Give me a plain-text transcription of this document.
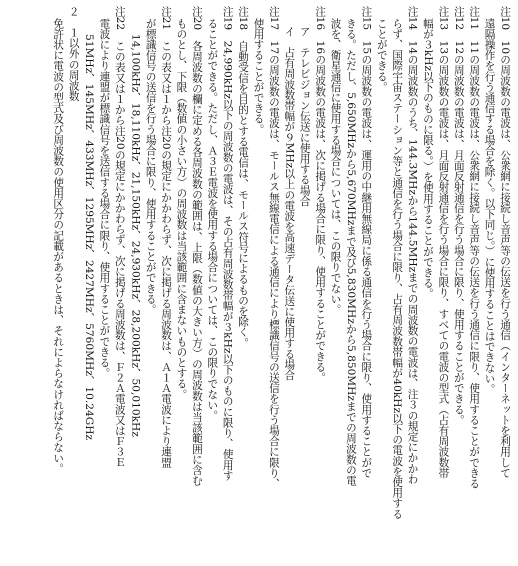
注10　10の周波数の電波は、公衆網に接続し音声等の伝送を行う通信（インターネットを利用して
遠隔操作を行う通信する場合を除く。以下同じ。）に使用することはできない。
注11　11の周波数の電波は、公衆網に接続し音声等の伝送を行う通信に限り、使用することができる
注12　12の周波数の電波は、月面反射通信を行う場合に限り、使用することができる。
注13　13の周波数の電波は、月面反射通信を行う場合に限り、すべての電波の型式（占有周波数帯
幅が３kHz以下のものに限る。）を使用することができる。
注14　14の周波数のうち、144.3MHzから144.5MHzまでの周波数の電波は、注３の規定にかかわ
らず、国際宇宙ステーション等と通信を行う場合に限り、占有周波数帯幅が40kHz以下の電波を使用する
ことができる。
注15　15の周波数の電波は、運用の中継用無線局に係る通信を行う場合に限り、使用することがで
きる。ただし、5,650MHzから5,670MHzまで及び5,830MHzから5,850MHzまでの周波数の電
波を、衛星通信に使用する場合については、この限りでない。
注16　16の周波数の電波は、次に掲げる場合に限り、使用することができる。
ア　テレビジョン伝送に使用する場合
イ　占有周波数帯幅が９MHz以上の電波を高速データ伝送に使用する場合
注17　17の周波数の電波は、モールス無線電信による通信により標識信号の送信を行う場合に限り、
使用することができる。
注18　自動受信を目的とする電信は、モールス符号によるものを除く。
注19　24,990kHz以下の周波数の電波は、その占有周波数帯幅が３kHz以下のものに限り、使用す
ることができる。ただし、Ａ３Ｅ電波を使用する場合については、この限りでない。
注20　各周波数の欄に定める各周波数の範囲は、上限（数値の大きい方）の周波数は当該範囲に含む
ものとし、下限（数値の小さい方）の周波数は当該範囲に含まないものとする。
注21　この表又は１から注20の規定にかかわらず、次に掲げる周波数は、Ａ１Ａ電波により連盟
が標識信号の送信を行う場合に限り、使用することができる。
14,100kHz、18,110kHz、21,150kHz、24,930kHz、28,200kHz、50,010kHz
注22　この表又は１から注20の規定にかかわらず、次に掲げる周波数は、Ｆ２Ａ電波又はＦ３Ｅ
電波により連盟が標識信号を送信する場合に限り、使用することができる。
51MHz、145MHz、433MHz、1295MHz、2427MHz、5760MHz、10.24GHz
２　１以外の周波数
免許状に電波の型式及び周波数の使用区分の記載があるときは、それによらなければならない。
